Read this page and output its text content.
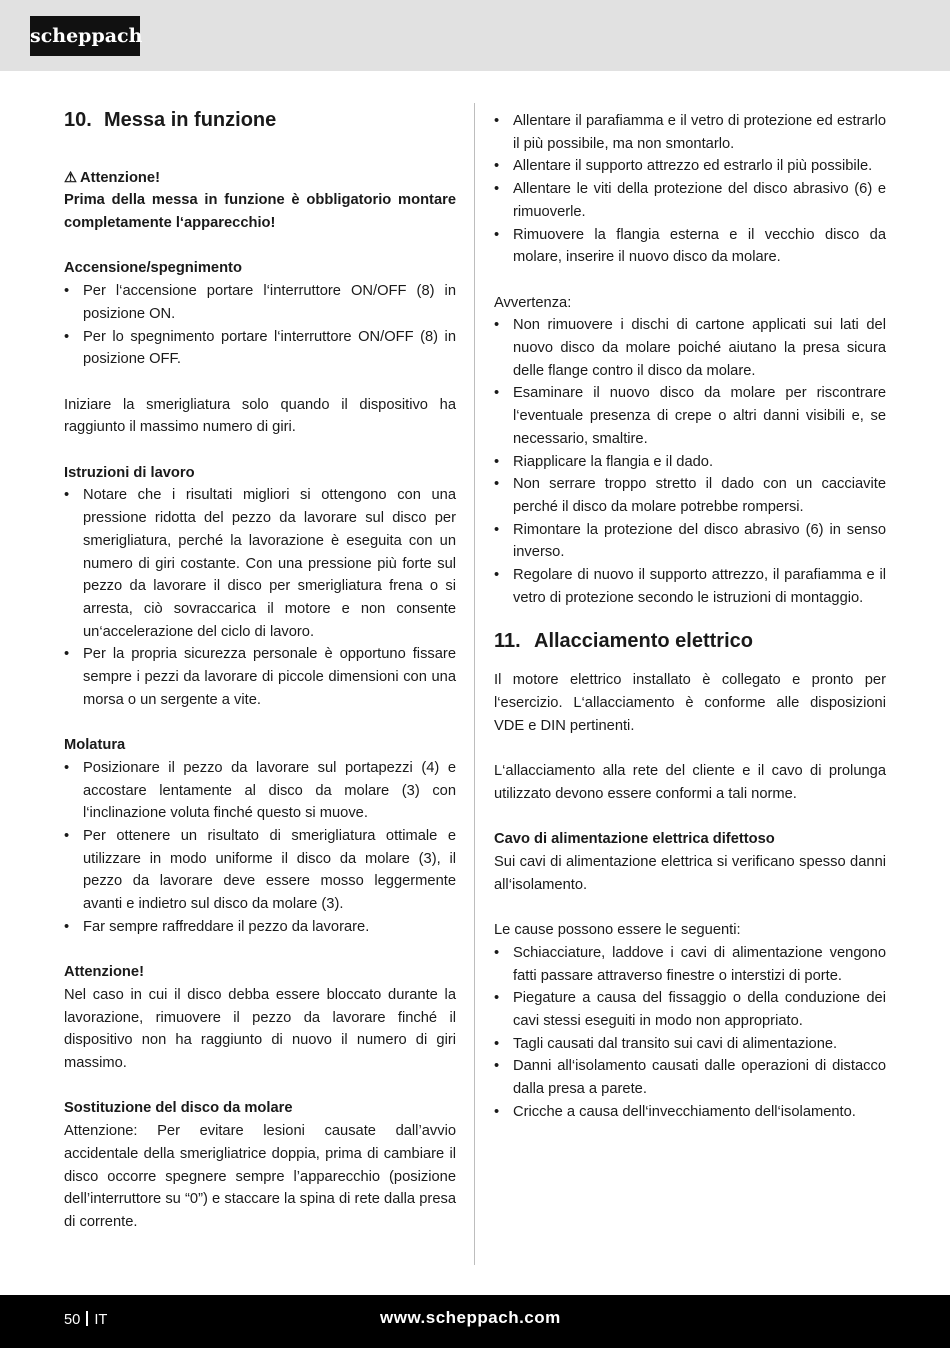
scheppach
10. Messa in funzione

⚠ Attenzione!

Prima della messa in funzione è obbligatorio montare completamente l‘apparecchio!

Accensione/spegnimento

• Per l‘accensione portare l‘interruttore ON/OFF (8) in posizione ON.
• Per lo spegnimento portare l‘interruttore ON/OFF (8) in posizione OFF.

Iniziare la smerigliatura solo quando il dispositivo ha raggiunto il massimo numero di giri.

Istruzioni di lavoro

• Notare che i risultati migliori si ottengono con una pressione ridotta del pezzo da lavorare sul disco per smerigliatura, perché la lavorazione è eseguita con un numero di giri costante. Con una pressione più forte sul pezzo da lavorare il disco per smerigliatura frena o si arresta, ciò sovraccarica il motore e non consente un‘accelerazione del ciclo di lavoro.
• Per la propria sicurezza personale è opportuno fissare sempre i pezzi da lavorare di piccole dimensioni con una morsa o un sergente a vite.

Molatura

• Posizionare il pezzo da lavorare sul portapezzi (4) e accostare lentamente al disco da molare (3) con l‘inclinazione voluta finché questo si muove.
• Per ottenere un risultato di smerigliatura ottimale e utilizzare in modo uniforme il disco da molare (3), il pezzo da lavorare deve essere mosso leggermente avanti e indietro sul disco da molare (3).
• Far sempre raffreddare il pezzo da lavorare.

Attenzione!

Nel caso in cui il disco debba essere bloccato durante la lavorazione, rimuovere il pezzo da lavorare finché il dispositivo non ha raggiunto di nuovo il numero di giri massimo.

Sostituzione del disco da molare

Attenzione: Per evitare lesioni causate dall’avvio accidentale della smerigliatrice doppia, prima di cambiare il disco occorre spegnere sempre l’apparecchio (posizione dell’interruttore su “0”) e staccare la spina di rete dalla presa di corrente.

• Allentare il parafiamma e il vetro di protezione ed estrarlo il più possibile, ma non smontarlo.
• Allentare il supporto attrezzo ed estrarlo il più possibile.
• Allentare le viti della protezione del disco abrasivo (6) e rimuoverle.
• Rimuovere la flangia esterna e il vecchio disco da molare, inserire il nuovo disco da molare.

Avvertenza:

• Non rimuovere i dischi di cartone applicati sui lati del nuovo disco da molare poiché aiutano la presa sicura delle flange contro il disco da molare.
• Esaminare il nuovo disco da molare per riscontrare l‘eventuale presenza di crepe o altri danni visibili e, se necessario, smaltire.
• Riapplicare la flangia e il dado.
• Non serrare troppo stretto il dado con un cacciavite perché il disco da molare potrebbe rompersi.
• Rimontare la protezione del disco abrasivo (6) in senso inverso.
• Regolare di nuovo il supporto attrezzo, il parafiamma e il vetro di protezione secondo le istruzioni di montaggio.
11. Allacciamento elettrico

Il motore elettrico installato è collegato e pronto per l‘esercizio. L‘allacciamento è conforme alle disposizioni VDE e DIN pertinenti.

L‘allacciamento alla rete del cliente e il cavo di prolunga utilizzato devono essere conformi a tali norme.

Cavo di alimentazione elettrica difettoso

Sui cavi di alimentazione elettrica si verificano spesso danni all‘isolamento.

Le cause possono essere le seguenti:

• Schiacciature, laddove i cavi di alimentazione vengono fatti passare attraverso finestre o interstizi di porte.
• Piegature a causa del fissaggio o della conduzione dei cavi stessi eseguiti in modo non appropriato.
• Tagli causati dal transito sui cavi di alimentazione.
• Danni all‘isolamento causati dalle operazioni di distacco dalla presa a parete.
• Cricche a causa dell‘invecchiamento dell‘isolamento.
50 IT	www.scheppach.com
